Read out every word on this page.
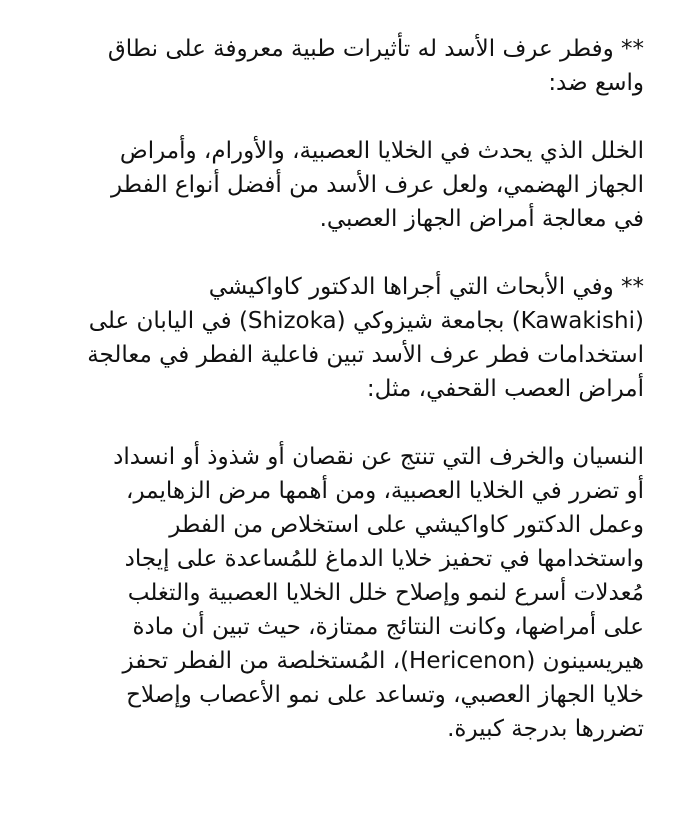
** وفطر عرف الأسد له تأثيرات طبية معروفة على نطاق
واسع ضد:

الخلل الذي يحدث في الخلايا العصبية، والأورام، وأمراض
الجهاز الهضمي، ولعل عرف الأسد من أفضل أنواع الفطر
في معالجة أمراض الجهاز العصبي.

** وفي الأبحاث التي أجراها الدكتور كاواكيشي
(Kawakishi) بجامعة شيزوكي (Shizoka) في اليابان على
استخدامات فطر عرف الأسد تبين فاعلية الفطر في معالجة
أمراض العصب القحفي، مثل:

النسيان والخرف التي تنتج عن نقصان أو شذوذ أو انسداد
أو تضرر في الخلايا العصبية، ومن أهمها مرض الزهايمر،
وعمل الدكتور كاواكيشي على استخلاص من الفطر
واستخدامها في تحفيز خلايا الدماغ للمُساعدة على إيجاد
مُعدلات أسرع لنمو وإصلاح خلل الخلايا العصبية والتغلب
على أمراضها، وكانت النتائج ممتازة، حيث تبين أن مادة
هيريسينون (Hericenon)، المُستخلصة من الفطر تحفز
خلايا الجهاز العصبي، وتساعد على نمو الأعصاب وإصلاح
تضررها بدرجة كبيرة.
